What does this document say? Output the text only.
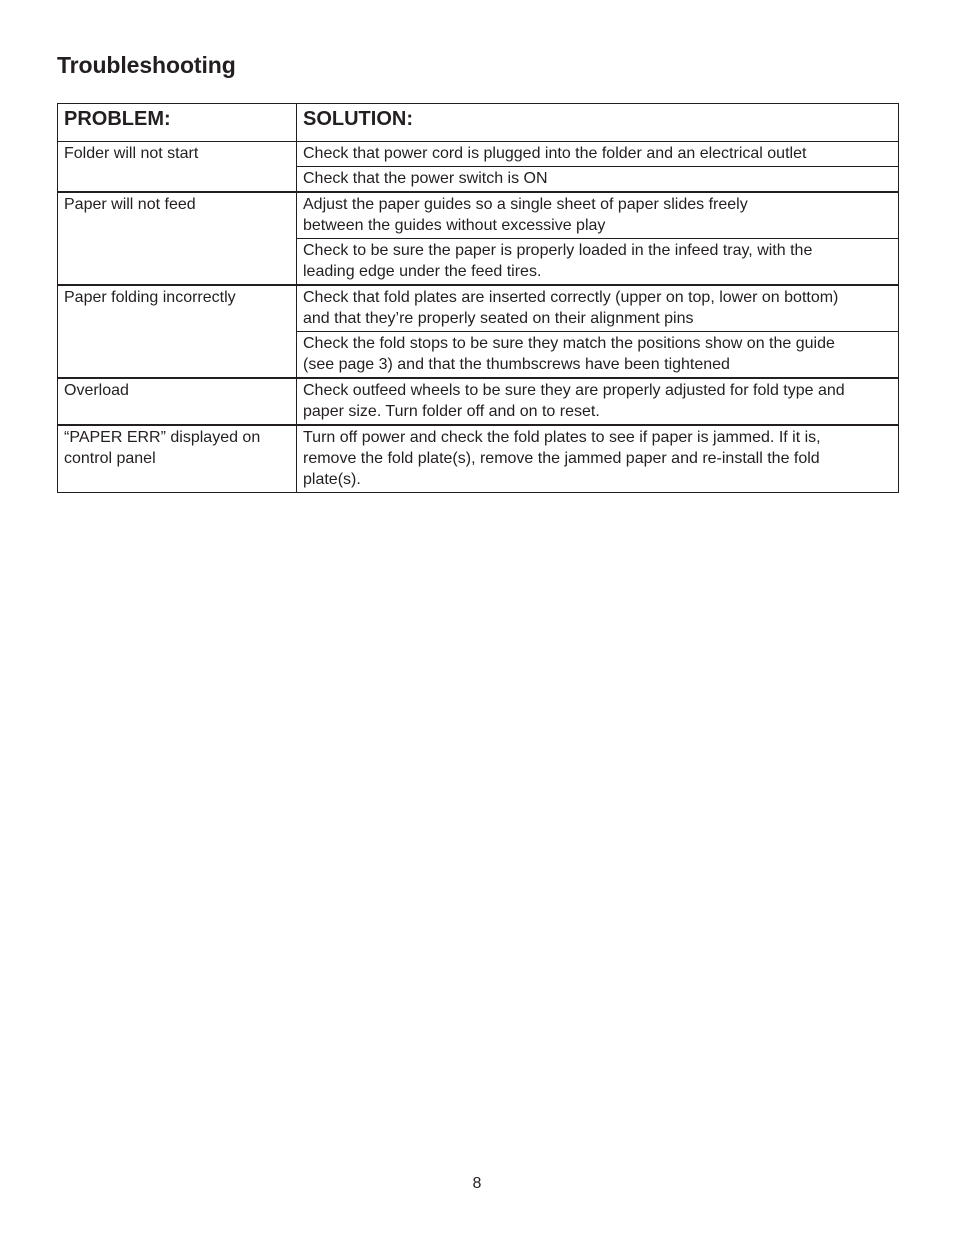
Troubleshooting
PROBLEM:	SOLUTION:

Folder will not start	Check that power cord is plugged into the folder and an electrical outlet

	Check that the power switch is ON

Paper will not feed	Adjust the paper guides so a single sheet of paper slides freely
between the guides without excessive play

	Check to be sure the paper is properly loaded in the infeed tray, with the
leading edge under the feed tires.

Paper folding incorrectly	Check that fold plates are inserted correctly (upper on top, lower on bottom)
and that they’re properly seated on their alignment pins

	Check the fold stops to be sure they match the positions show on the guide
(see page 3) and that the thumbscrews have been tightened

Overload	Check outfeed wheels to be sure they are properly adjusted for fold type and
paper size. Turn folder off and on to reset.

“PAPER ERR” displayed on
control panel	Turn off power and check the fold plates to see if paper is jammed. If it is,
remove the fold plate(s), remove the jammed paper and re-install the fold
plate(s).
8
